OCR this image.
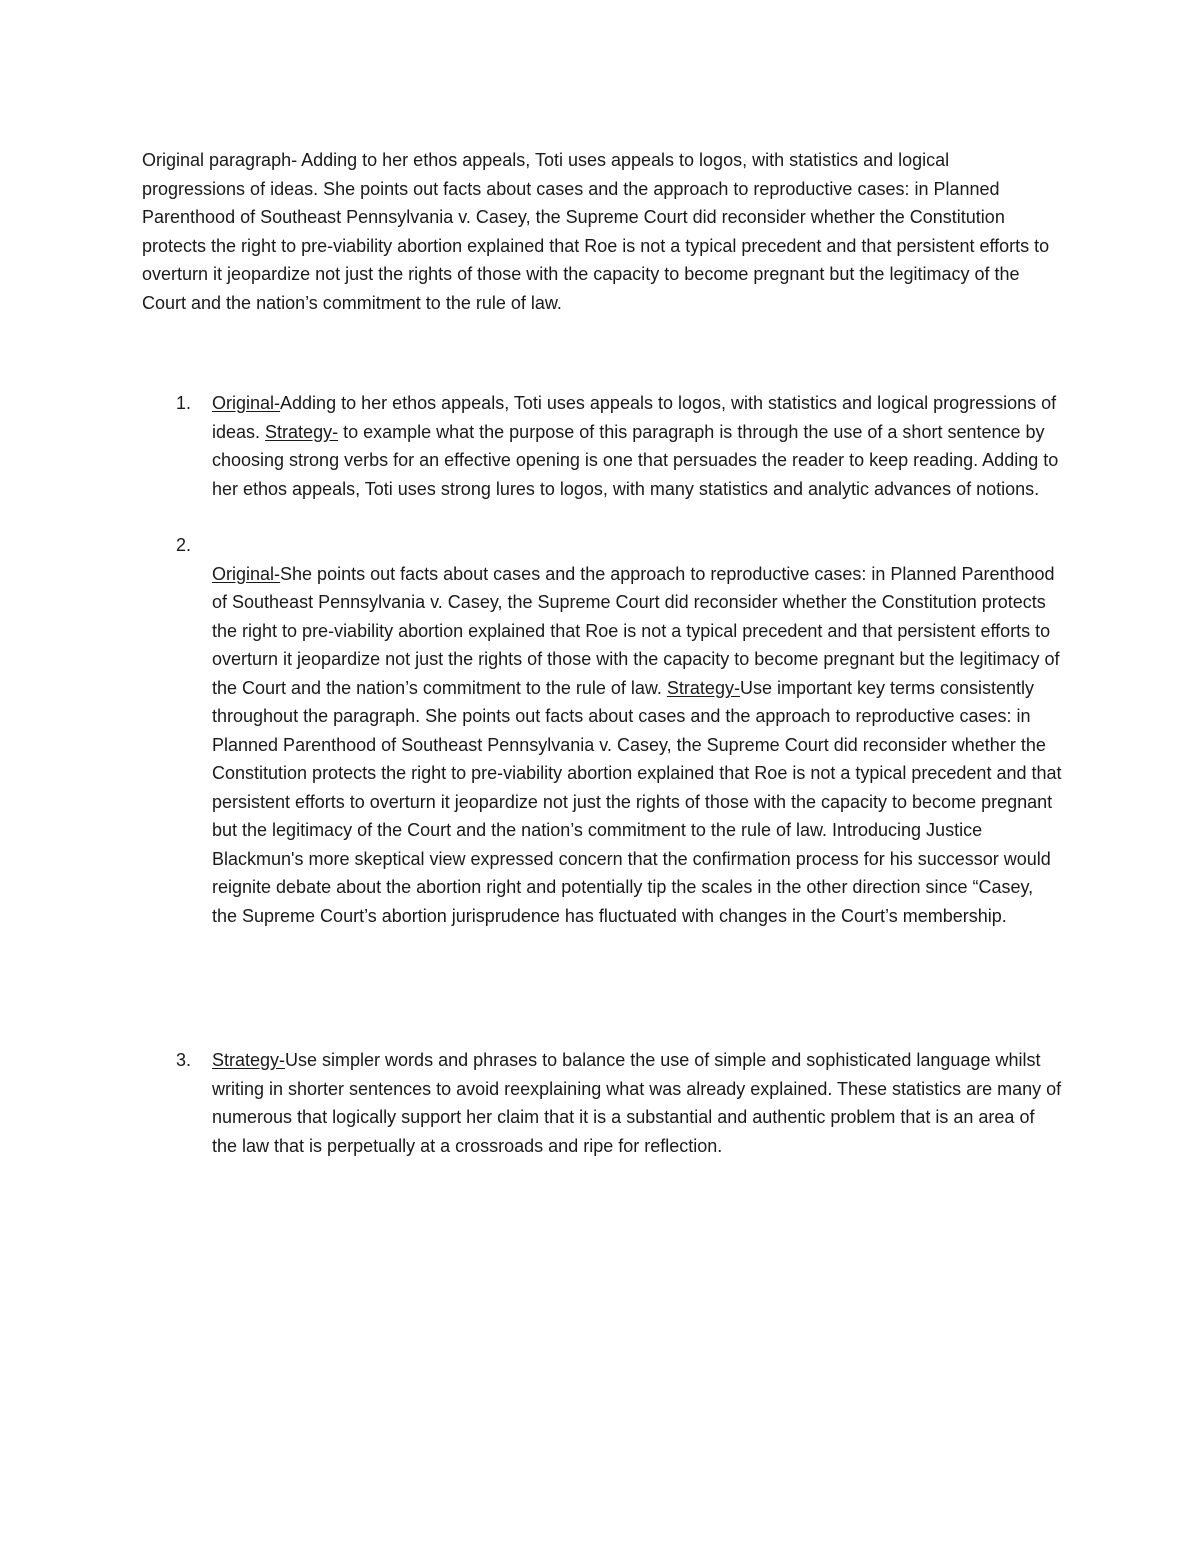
Original paragraph- Adding to her ethos appeals, Toti uses appeals to logos, with statistics and logical progressions of ideas. She points out facts about cases and the approach to reproductive cases: in Planned Parenthood of Southeast Pennsylvania v. Casey, the Supreme Court did reconsider whether the Constitution protects the right to pre-viability abortion explained that Roe is not a typical precedent and that persistent efforts to overturn it jeopardize not just the rights of those with the capacity to become pregnant but the legitimacy of the Court and the nation’s commitment to the rule of law.

1.	Original-Adding to her ethos appeals, Toti uses appeals to logos, with statistics and logical progressions of ideas. Strategy- to example what the purpose of this paragraph is through the use of a short sentence by choosing strong verbs for an effective opening is one that persuades the reader to keep reading. Adding to her ethos appeals, Toti uses strong lures to logos, with many statistics and analytic advances of notions.
2.
Original-She points out facts about cases and the approach to reproductive cases: in Planned Parenthood of Southeast Pennsylvania v. Casey, the Supreme Court did reconsider whether the Constitution protects the right to pre-viability abortion explained that Roe is not a typical precedent and that persistent efforts to overturn it jeopardize not just the rights of those with the capacity to become pregnant but the legitimacy of the Court and the nation’s commitment to the rule of law. Strategy-Use important key terms consistently throughout the paragraph. She points out facts about cases and the approach to reproductive cases: in Planned Parenthood of Southeast Pennsylvania v. Casey, the Supreme Court did reconsider whether the Constitution protects the right to pre-viability abortion explained that Roe is not a typical precedent and that persistent efforts to overturn it jeopardize not just the rights of those with the capacity to become pregnant but the legitimacy of the Court and the nation’s commitment to the rule of law. Introducing Justice Blackmun's more skeptical view expressed concern that the confirmation process for his successor would reignite debate about the abortion right and potentially tip the scales in the other direction since “Casey, the Supreme Court’s abortion jurisprudence has fluctuated with changes in the Court’s membership.
3.	Strategy-Use simpler words and phrases to balance the use of simple and sophisticated language whilst writing in shorter sentences to avoid reexplaining what was already explained. These statistics are many of numerous that logically support her claim that it is a substantial and authentic problem that is an area of the law that is perpetually at a crossroads and ripe for reflection.
